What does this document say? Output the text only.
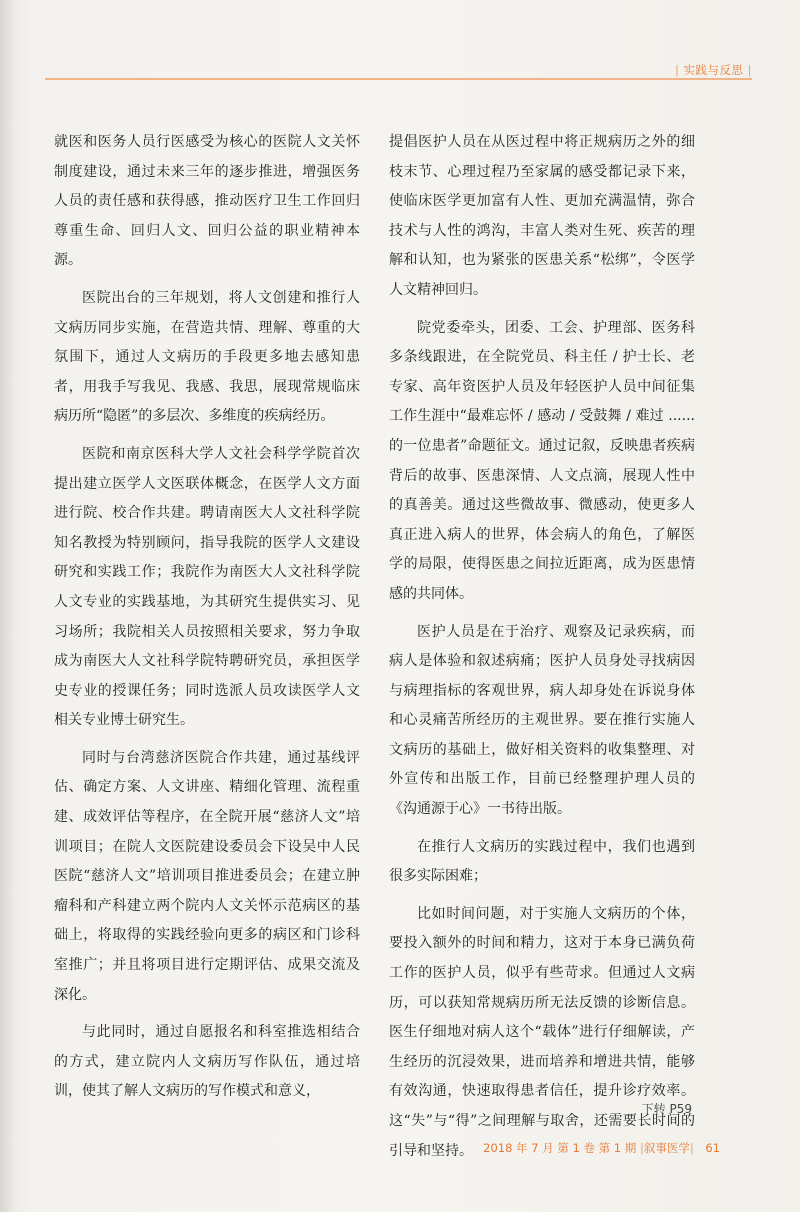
| 实践与反思 |

就医和医务人员行医感受为核心的医院人文关怀制度建设，通过未来三年的逐步推进，增强医务人员的责任感和获得感，推动医疗卫生工作回归尊重生命、回归人文、回归公益的职业精神本源。

医院出台的三年规划，将人文创建和推行人文病历同步实施，在营造共情、理解、尊重的大氛围下，通过人文病历的手段更多地去感知患者，用我手写我见、我感、我思，展现常规临床病历所“隐匿”的多层次、多维度的疾病经历。

医院和南京医科大学人文社会科学学院首次提出建立医学人文医联体概念，在医学人文方面进行院、校合作共建。聘请南医大人文社科学院知名教授为特别顾问，指导我院的医学人文建设研究和实践工作；我院作为南医大人文社科学院人文专业的实践基地，为其研究生提供实习、见习场所；我院相关人员按照相关要求，努力争取成为南医大人文社科学院特聘研究员，承担医学史专业的授课任务；同时选派人员攻读医学人文相关专业博士研究生。

同时与台湾慈济医院合作共建，通过基线评估、确定方案、人文讲座、精细化管理、流程重建、成效评估等程序，在全院开展“慈济人文”培训项目；在院人文医院建设委员会下设吴中人民医院“慈济人文”培训项目推进委员会；在建立肿瘤科和产科建立两个院内人文关怀示范病区的基础上，将取得的实践经验向更多的病区和门诊科室推广；并且将项目进行定期评估、成果交流及深化。

与此同时，通过自愿报名和科室推选相结合的方式，建立院内人文病历写作队伍，通过培训，使其了解人文病历的写作模式和意义，

提倡医护人员在从医过程中将正规病历之外的细枝末节、心理过程乃至家属的感受都记录下来，使临床医学更加富有人性、更加充满温情，弥合技术与人性的鸿沟，丰富人类对生死、疾苦的理解和认知，也为紧张的医患关系“松绑”，令医学人文精神回归。

院党委牵头，团委、工会、护理部、医务科多条线跟进，在全院党员、科主任 / 护士长、老专家、高年资医护人员及年轻医护人员中间征集工作生涯中“最难忘怀 / 感动 / 受鼓舞 / 难过 ...... 的一位患者”命题征文。通过记叙，反映患者疾病背后的故事、医患深情、人文点滴，展现人性中的真善美。通过这些微故事、微感动，使更多人真正进入病人的世界，体会病人的角色，了解医学的局限，使得医患之间拉近距离，成为医患情感的共同体。

医护人员是在于治疗、观察及记录疾病，而病人是体验和叙述病痛；医护人员身处寻找病因与病理指标的客观世界，病人却身处在诉说身体和心灵痛苦所经历的主观世界。要在推行实施人文病历的基础上，做好相关资料的收集整理、对外宣传和出版工作，目前已经整理护理人员的《沟通源于心》一书待出版。

在推行人文病历的实践过程中，我们也遇到很多实际困难；

比如时间问题，对于实施人文病历的个体，要投入额外的时间和精力，这对于本身已满负荷工作的医护人员，似乎有些苛求。但通过人文病历，可以获知常规病历所无法反馈的诊断信息。医生仔细地对病人这个“载体”进行仔细解读，产生经历的沉浸效果，进而培养和增进共情，能够有效沟通，快速取得患者信任，提升诊疗效率。这“失”与“得”之间理解与取舍，还需要长时间的引导和坚持。

下转 P59
2018 年 7 月 第 1 卷 第 1 期 |叙事医学| 61
